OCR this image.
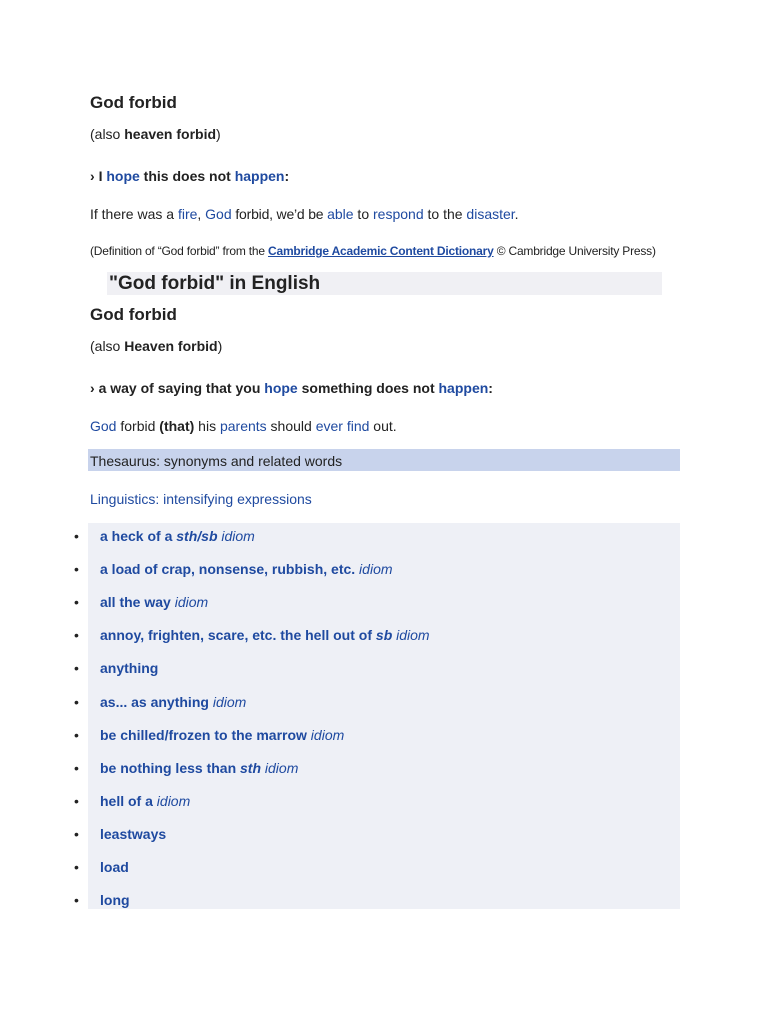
God forbid
(also heaven forbid)
› I hope this does not happen:
If there was a fire, God forbid, we’d be able to respond to the disaster.
(Definition of “God forbid” from the Cambridge Academic Content Dictionary © Cambridge University Press)
"God forbid" in English
God forbid
(also Heaven forbid)
› a way of saying that you hope something does not happen:
God forbid (that) his parents should ever find out.
Thesaurus: synonyms and related words
Linguistics: intensifying expressions
• a heck of a sth/sb idiom
• a load of crap, nonsense, rubbish, etc. idiom
• all the way idiom
• annoy, frighten, scare, etc. the hell out of sb idiom
• anything
• as... as anything idiom
• be chilled/frozen to the marrow idiom
• be nothing less than sth idiom
• hell of a idiom
• leastways
• load
• long
